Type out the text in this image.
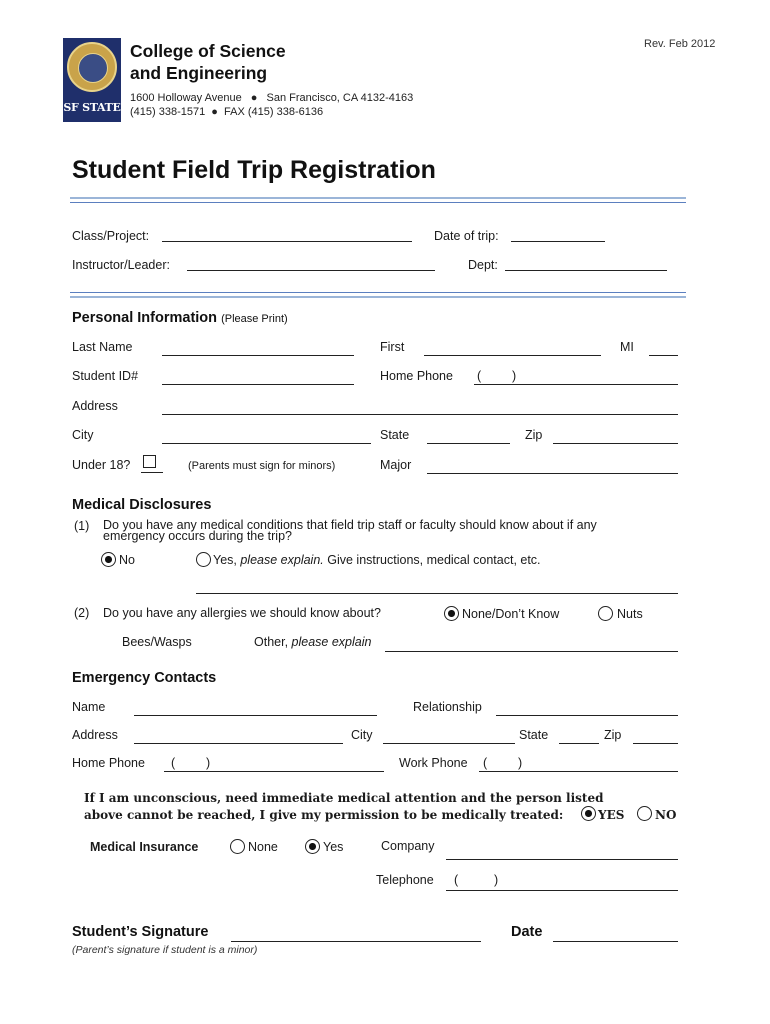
SF STATE
College of Science
and Engineering
1600 Holloway Avenue ● San Francisco, CA 4132-4163
(415) 338-1571 ● FAX (415) 338-6136
Rev. Feb 2012
Student Field Trip Registration
Class/Project:	Date of trip:
Instructor/Leader:	Dept:
Personal Information (Please Print)
Last Name	First	MI
Student ID#	Home Phone ( )
Address
City	State	Zip
Under 18?	(Parents must sign for minors)	Major
Medical Disclosures
(1) Do you have any medical conditions that field trip staff or faculty should know about if any
emergency occurs during the trip?
No	Yes, please explain. Give instructions, medical contact, etc.
(2) Do you have any allergies we should know about?	None/Don’t Know	Nuts
Bees/Wasps	Other, please explain
Emergency Contacts
Name	Relationship
Address	City	State	Zip
Home Phone ( )	Work Phone ( )
If I am unconscious, need immediate medical attention and the person listed
above cannot be reached, I give my permission to be medically treated:	YES	NO
Medical Insurance	None	Yes	Company
Telephone (	)
Student’s Signature	Date
(Parent’s signature if student is a minor)
